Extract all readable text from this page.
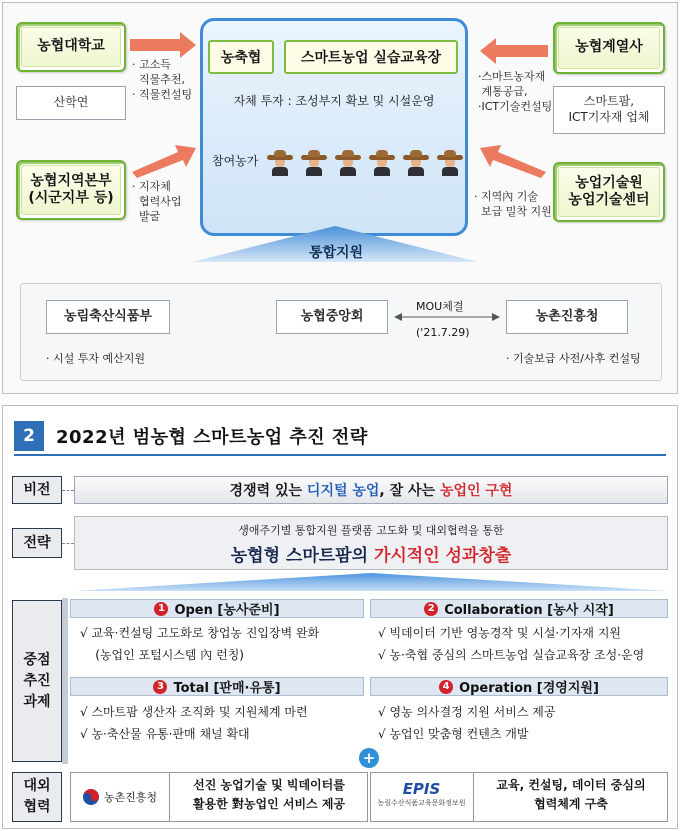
농협대학교
산학연
· 고소득
직물추천,
· 직물컨설팅
농협지역본부
(시군지부 등)
· 지자체
협력사업
발굴
농축협	스마트농업 실습교육장
자체 투자 : 조성부지 확보 및 시설운영
참여농가
농협계열사
스마트팜,
ICT기자재 업체
·스마트농자재
계통공급,
·ICT기술컨설팅
농업기술원
농업기술센터
· 지역內 기술
보급 밀착 지원
통합지원
농림축산식품부
· 시설 투자 예산지원
농협중앙회
MOU체결
('21.7.29)
농촌진흥청
· 기술보급 사전/사후 컨설팅
2	2022년 범농협 스마트농업 추진 전략
비전	경쟁력 있는 디지털 농업 , 잘 사는 농업인 구현
전략
생애주기별 통합지원 플랫폼 고도화 및 대외협력을 통한
농협형 스마트팜의 가시적인 성과창출
중점
추진
과제
1 Open [농사준비]
√ 교육·컨설팅 고도화로 창업농 진입장벽 완화
(농업인 포털시스템 內 런칭)
2 Collaboration [농사 시작]
√ 빅데이터 기반 영농경작 및 시설·기자재 지원
√ 농·축협 중심의 스마트농업 실습교육장 조성·운영
3 Total [판매·유통]
√ 스마트팜 생산자 조직화 및 지원체계 마련
√ 농·축산물 유통·판매 채널 확대
4 Operation [경영지원]
√ 영농 의사결정 지원 서비스 제공
√ 농업인 맞춤형 컨텐츠 개발
+
대외
협력
농촌진흥청
선진 농업기술 및 빅데이터를
활용한 對농업인 서비스 제공
EPIS
농림수산식품교육문화정보원
교육, 컨설팅, 데이터 중심의
협력체계 구축
